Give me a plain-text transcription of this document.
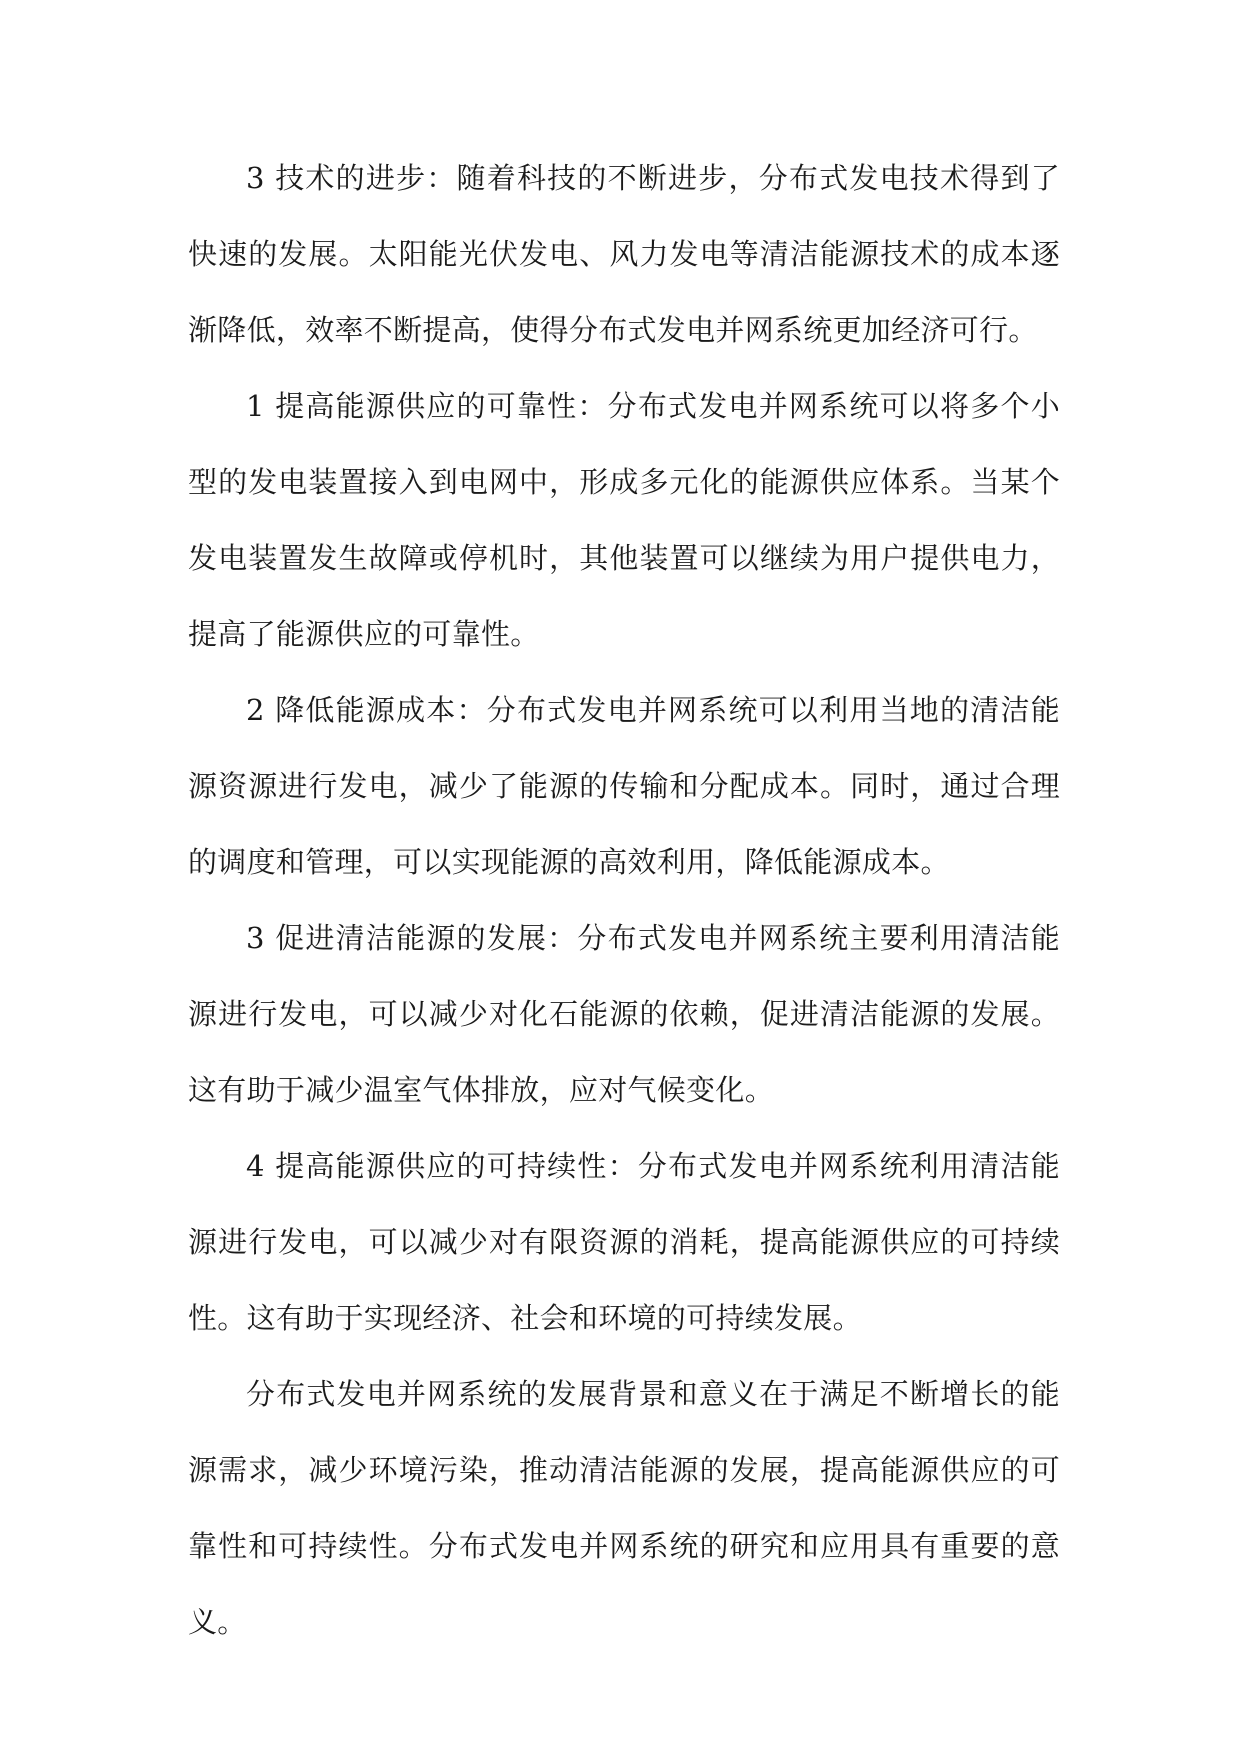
3 技术的进步：随着科技的不断进步，分布式发电技术得到了快速的发展。太阳能光伏发电、风力发电等清洁能源技术的成本逐渐降低，效率不断提高，使得分布式发电并网系统更加经济可行。

1 提高能源供应的可靠性：分布式发电并网系统可以将多个小型的发电装置接入到电网中，形成多元化的能源供应体系。当某个发电装置发生故障或停机时，其他装置可以继续为用户提供电力，提高了能源供应的可靠性。

2 降低能源成本：分布式发电并网系统可以利用当地的清洁能源资源进行发电，减少了能源的传输和分配成本。同时，通过合理的调度和管理，可以实现能源的高效利用，降低能源成本。

3 促进清洁能源的发展：分布式发电并网系统主要利用清洁能源进行发电，可以减少对化石能源的依赖，促进清洁能源的发展。这有助于减少温室气体排放，应对气候变化。

4 提高能源供应的可持续性：分布式发电并网系统利用清洁能源进行发电，可以减少对有限资源的消耗，提高能源供应的可持续性。这有助于实现经济、社会和环境的可持续发展。

分布式发电并网系统的发展背景和意义在于满足不断增长的能源需求，减少环境污染，推动清洁能源的发展，提高能源供应的可靠性和可持续性。分布式发电并网系统的研究和应用具有重要的意义。
